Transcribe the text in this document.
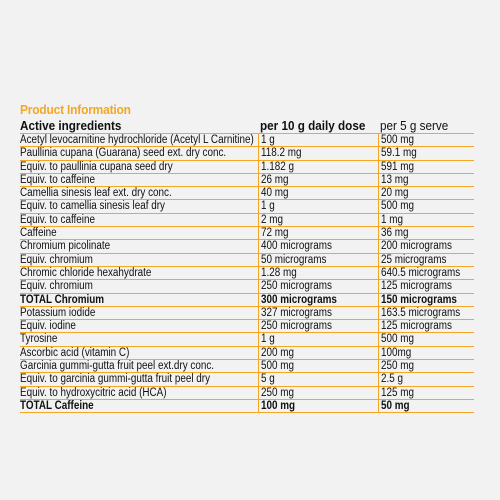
Product Information
Active ingredients	per 10 g daily dose	per 5 g serve
Acetyl levocarnitine hydrochloride (Acetyl L Carnitine) 1 g	500 mg
Paullinia cupana (Guarana) seed ext. dry conc.	118.2 mg	59.1 mg
Equiv. to paullinia cupana seed dry	1.182 g	591 mg
Equiv. to caffeine	26 mg	13 mg
Camellia sinesis leaf ext. dry conc.	40 mg	20 mg
Equiv. to camellia sinesis leaf dry	1 g	500 mg
Equiv. to caffeine	2 mg	1 mg
Caffeine	72 mg	36 mg
Chromium picolinate	400 micrograms	200 micrograms
Equiv. chromium	50 micrograms	25 micrograms
Chromic chloride hexahydrate	1.28 mg	640.5 micrograms
Equiv. chromium	250 micrograms	125 micrograms
TOTAL Chromium	300 micrograms	150 micrograms
Potassium iodide	327 micrograms	163.5 micrograms
Equiv. iodine	250 micrograms	125 micrograms
Tyrosine	1 g	500 mg
Ascorbic acid (vitamin C)	200 mg	100mg
Garcinia gummi-gutta fruit peel ext.dry conc.	500 mg	250 mg
Equiv. to garcinia gummi-gutta fruit peel dry	5 g	2.5 g
Equiv. to hydroxycitric acid (HCA)	250 mg	125 mg
TOTAL Caffeine	100 mg	50 mg
